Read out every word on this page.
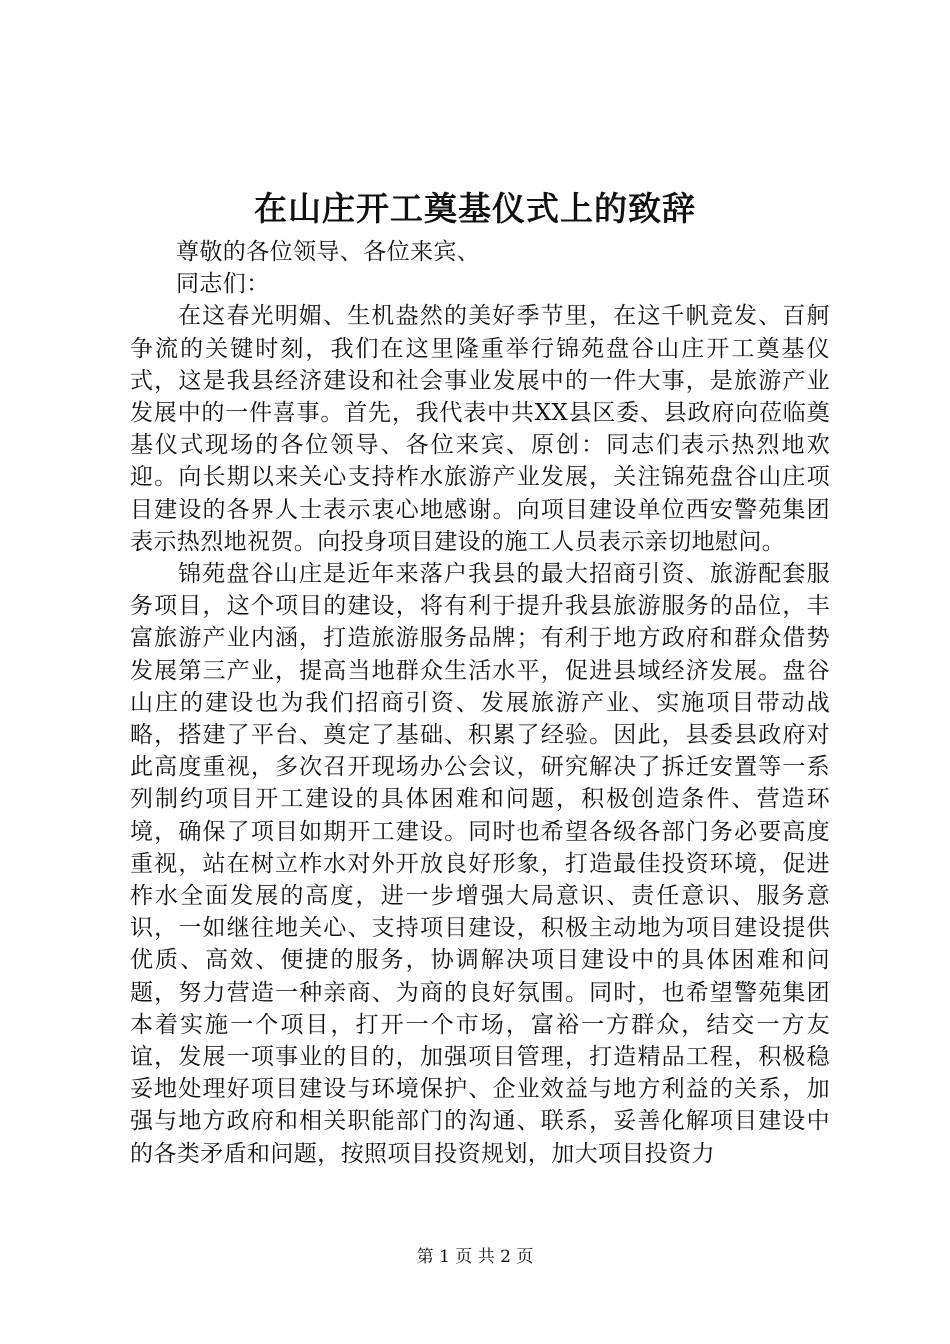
在山庄开工奠基仪式上的致辞

尊敬的各位领导、各位来宾、

同志们：

在这春光明媚、生机盎然的美好季节里，在这千帆竞发、百舸争流的关键时刻，我们在这里隆重举行锦苑盘谷山庄开工奠基仪式，这是我县经济建设和社会事业发展中的一件大事，是旅游产业发展中的一件喜事。首先，我代表中共XX县区委、县政府向莅临奠基仪式现场的各位领导、各位来宾、原创：同志们表示热烈地欢迎。向长期以来关心支持柞水旅游产业发展，关注锦苑盘谷山庄项目建设的各界人士表示衷心地感谢。向项目建设单位西安警苑集团表示热烈地祝贺。向投身项目建设的施工人员表示亲切地慰问。

锦苑盘谷山庄是近年来落户我县的最大招商引资、旅游配套服务项目，这个项目的建设，将有利于提升我县旅游服务的品位，丰富旅游产业内涵，打造旅游服务品牌；有利于地方政府和群众借势发展第三产业，提高当地群众生活水平，促进县域经济发展。盘谷山庄的建设也为我们招商引资、发展旅游产业、实施项目带动战略，搭建了平台、奠定了基础、积累了经验。因此，县委县政府对此高度重视，多次召开现场办公会议，研究解决了拆迁安置等一系列制约项目开工建设的具体困难和问题，积极创造条件、营造环境，确保了项目如期开工建设。同时也希望各级各部门务必要高度重视，站在树立柞水对外开放良好形象，打造最佳投资环境，促进柞水全面发展的高度，进一步增强大局意识、责任意识、服务意识，一如继往地关心、支持项目建设，积极主动地为项目建设提供优质、高效、便捷的服务，协调解决项目建设中的具体困难和问题，努力营造一种亲商、为商的良好氛围。同时，也希望警苑集团本着实施一个项目，打开一个市场，富裕一方群众，结交一方友谊，发展一项事业的目的，加强项目管理，打造精品工程，积极稳妥地处理好项目建设与环境保护、企业效益与地方利益的关系，加强与地方政府和相关职能部门的沟通、联系，妥善化解项目建设中的各类矛盾和问题，按照项目投资规划，加大项目投资力

第 1 页 共 2 页
